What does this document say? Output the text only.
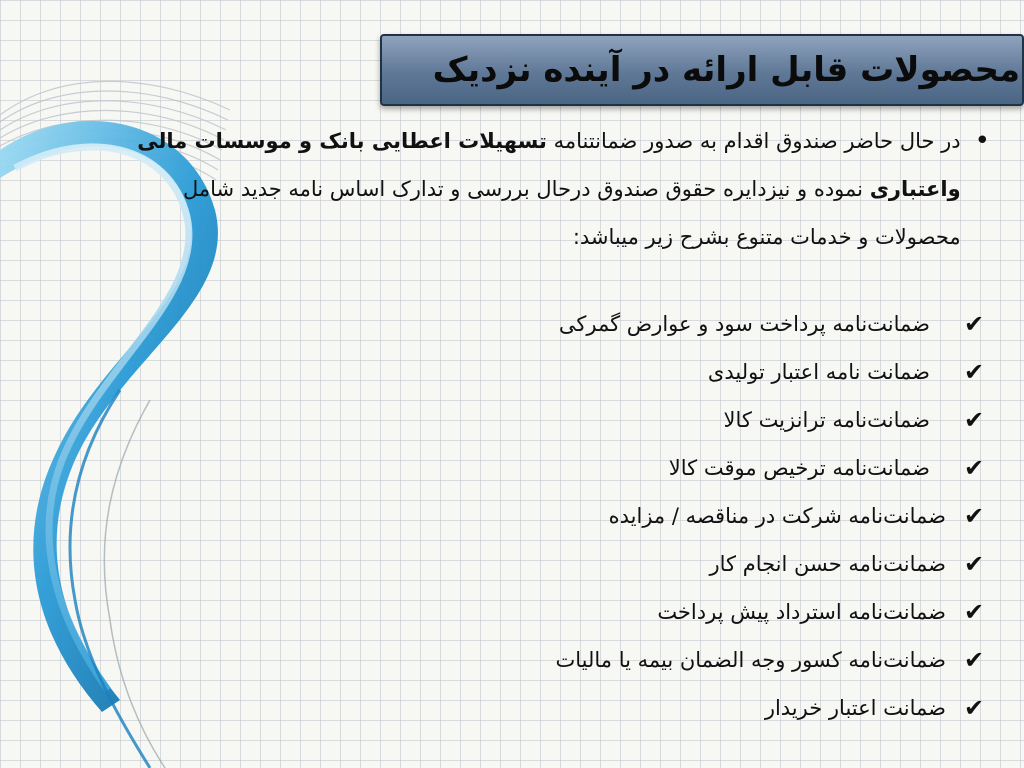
محصولات قابل ارائه در آینده نزدیک
•
در حال حاضر صندوق اقدام به صدور ضمانتنامه تسهیلات اعطایی بانک و موسسات مالی واعتباری نموده و نیزدایره حقوق صندوق درحال بررسی و تدارک اساس نامه جدید شامل محصولات و خدمات متنوع بشرح زیر میباشد:
✔
ضمانت‌نامه پرداخت سود و عوارض گمرکی
✔
ضمانت نامه اعتبار تولیدی
✔
ضمانت‌نامه ترانزیت کالا
✔
ضمانت‌نامه ترخیص موقت کالا
✔
ضمانت‌نامه شرکت در مناقصه / مزایده
✔
ضمانت‌نامه حسن انجام کار
✔
ضمانت‌نامه استرداد پیش پرداخت
✔
ضمانت‌نامه کسور وجه الضمان بیمه یا مالیات
✔
ضمانت اعتبار خریدار
